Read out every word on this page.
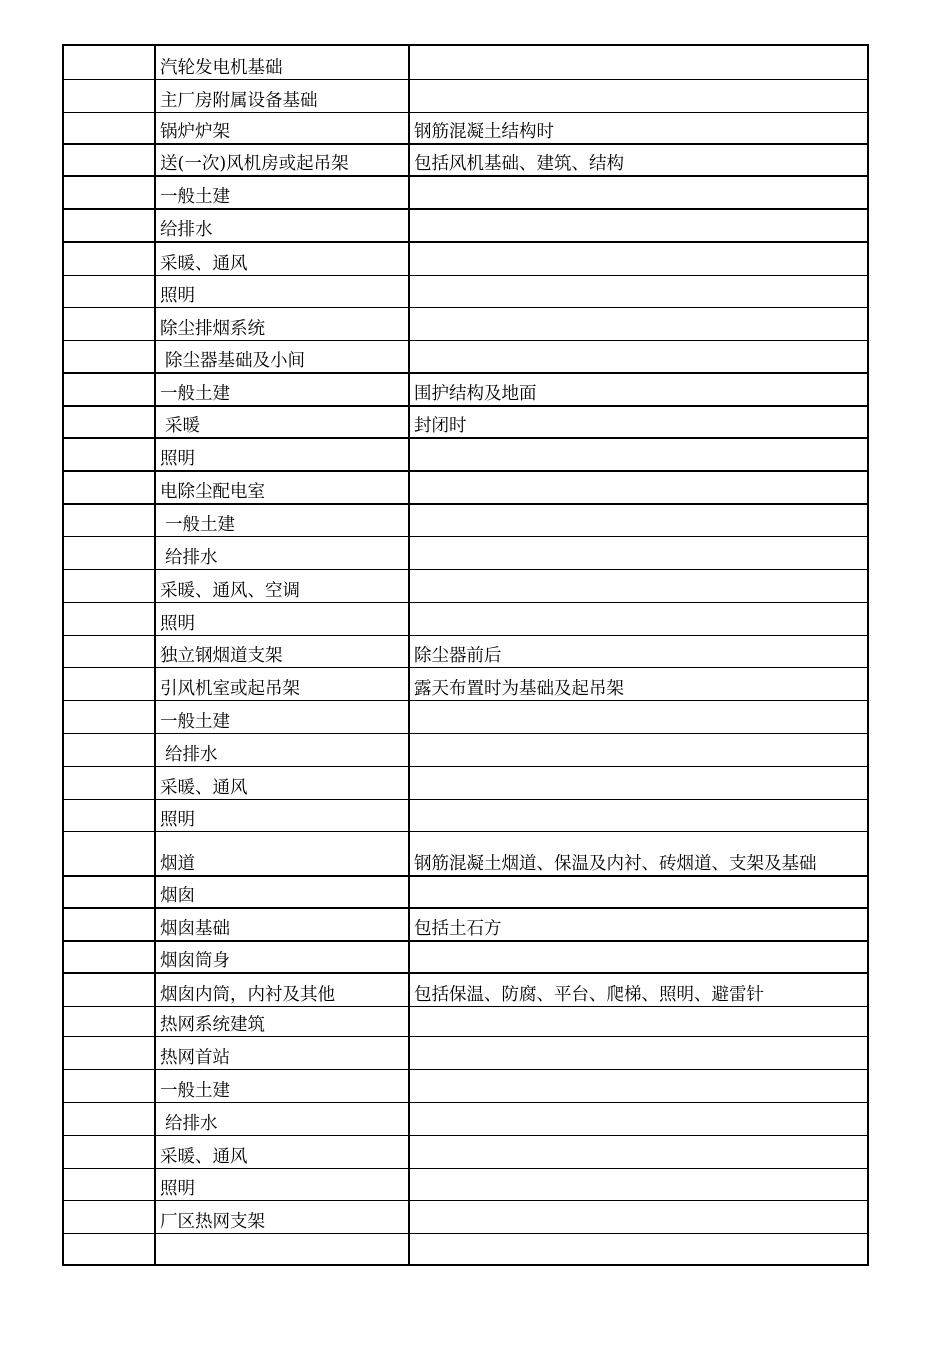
	汽轮发电机基础	
	主厂房附属设备基础	
	锅炉炉架	钢筋混凝土结构时
	送(一次)风机房或起吊架	包括风机基础、建筑、结构
	一般土建	
	给排水	
	采暖、通风	
	照明	
	除尘排烟系统	
	除尘器基础及小间	
	一般土建	围护结构及地面
	采暖	封闭时
	照明	
	电除尘配电室	
	一般土建	
	给排水	
	采暖、通风、空调	
	照明	
	独立钢烟道支架	除尘器前后
	引风机室或起吊架	露天布置时为基础及起吊架
	一般土建	
	给排水	
	采暖、通风	
	照明	
	烟道	钢筋混凝土烟道、保温及内衬、砖烟道、支架及基础
	烟囱	
	烟囱基础	包括土石方
	烟囱筒身	
	烟囱内筒，内衬及其他	包括保温、防腐、平台、爬梯、照明、避雷针
	热网系统建筑	
	热网首站	
	一般土建	
	给排水	
	采暖、通风	
	照明	
	厂区热网支架	
